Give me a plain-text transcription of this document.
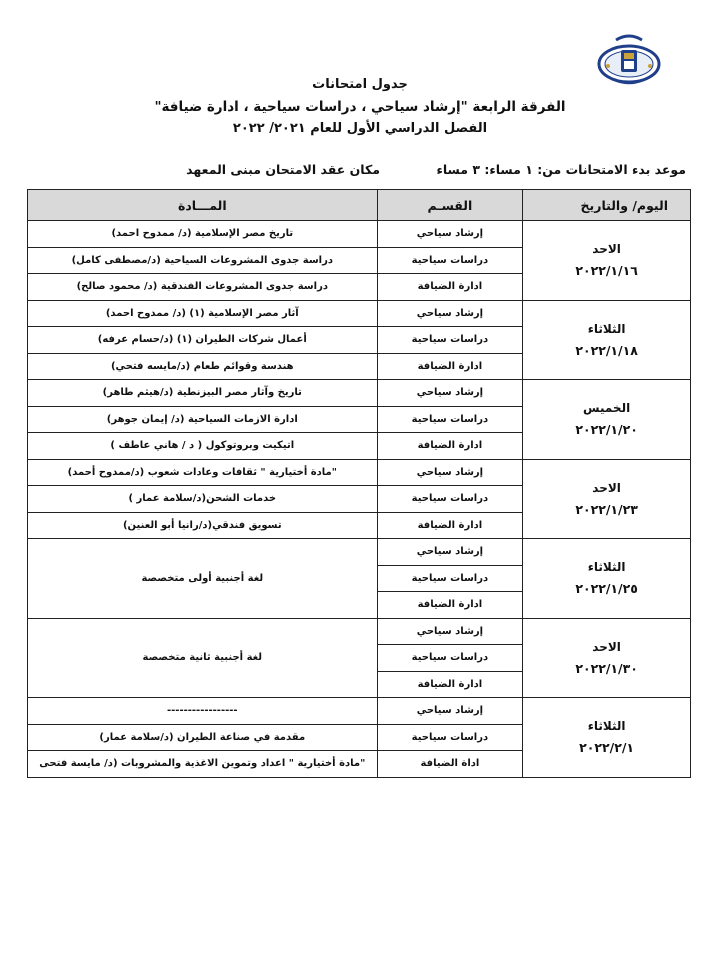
جدول امتحانات
الفرقة الرابعة "إرشاد سياحي ، دراسات سياحية ، ادارة ضيافة"
الفصل الدراسي الأول للعام ٢٠٢١/ ٢٠٢٢
موعد بدء الامتحانات من: ١ مساء: ٣ مساء
مكان عقد الامتحان مبنى المعهد
اليوم/ والتاريخ	القسـم	المـــادة

الاحد
٢٠٢٢/١/١٦	إرشاد سياحي	تاريخ مصر الإسلامية (د/ ممدوح احمد)
	دراسات سياحية	دراسة جدوى المشروعات السياحية (د/مصطفى كامل)
	ادارة الضيافة	دراسة جدوى المشروعات الفندقية (د/ محمود صالح)

الثلاثاء
٢٠٢٢/١/١٨	إرشاد سياحي	آثار مصر الإسلامية (١) (د/ ممدوح احمد)
	دراسات سياحية	أعمال شركات الطيران (١) (د/حسام عرفه)
	ادارة الضيافة	هندسة وقوائم طعام (د/مايسه فتحي)

الخميس
٢٠٢٢/١/٢٠	إرشاد سياحي	تاريخ وآثار مصر البيزنطية (د/هيثم طاهر)
	دراسات سياحية	ادارة الازمات السياحية (د/ إيمان جوهر)
	ادارة الضيافة	اتيكيت وبروتوكول ( د / هاني عاطف )

الاحد
٢٠٢٢/١/٢٣	إرشاد سياحي	"مادة أختيارية " ثقافات وعادات شعوب (د/ممدوح أحمد)
	دراسات سياحية	خدمات الشحن(د/سلامة عمار )
	ادارة الضيافة	تسويق فندقي(د/رانيا أبو العنين)

الثلاثاء
٢٠٢٢/١/٢٥	إرشاد سياحي	لغة أجنبية أولى متخصصة
	دراسات سياحية	
	ادارة الضيافة	

الاحد
٢٠٢٢/١/٣٠	إرشاد سياحي	لغة أجنبية ثانية متخصصة
	دراسات سياحية	
	ادارة الضيافة	

الثلاثاء
٢٠٢٢/٢/١	إرشاد سياحي	-----------------
	دراسات سياحية	مقدمة في صناعة الطيران (د/سلامة عمار)
	اداة الضيافة	"مادة أختيارية " اعداد وتموين الاغذية والمشروبات (د/ مايسة فتحى
